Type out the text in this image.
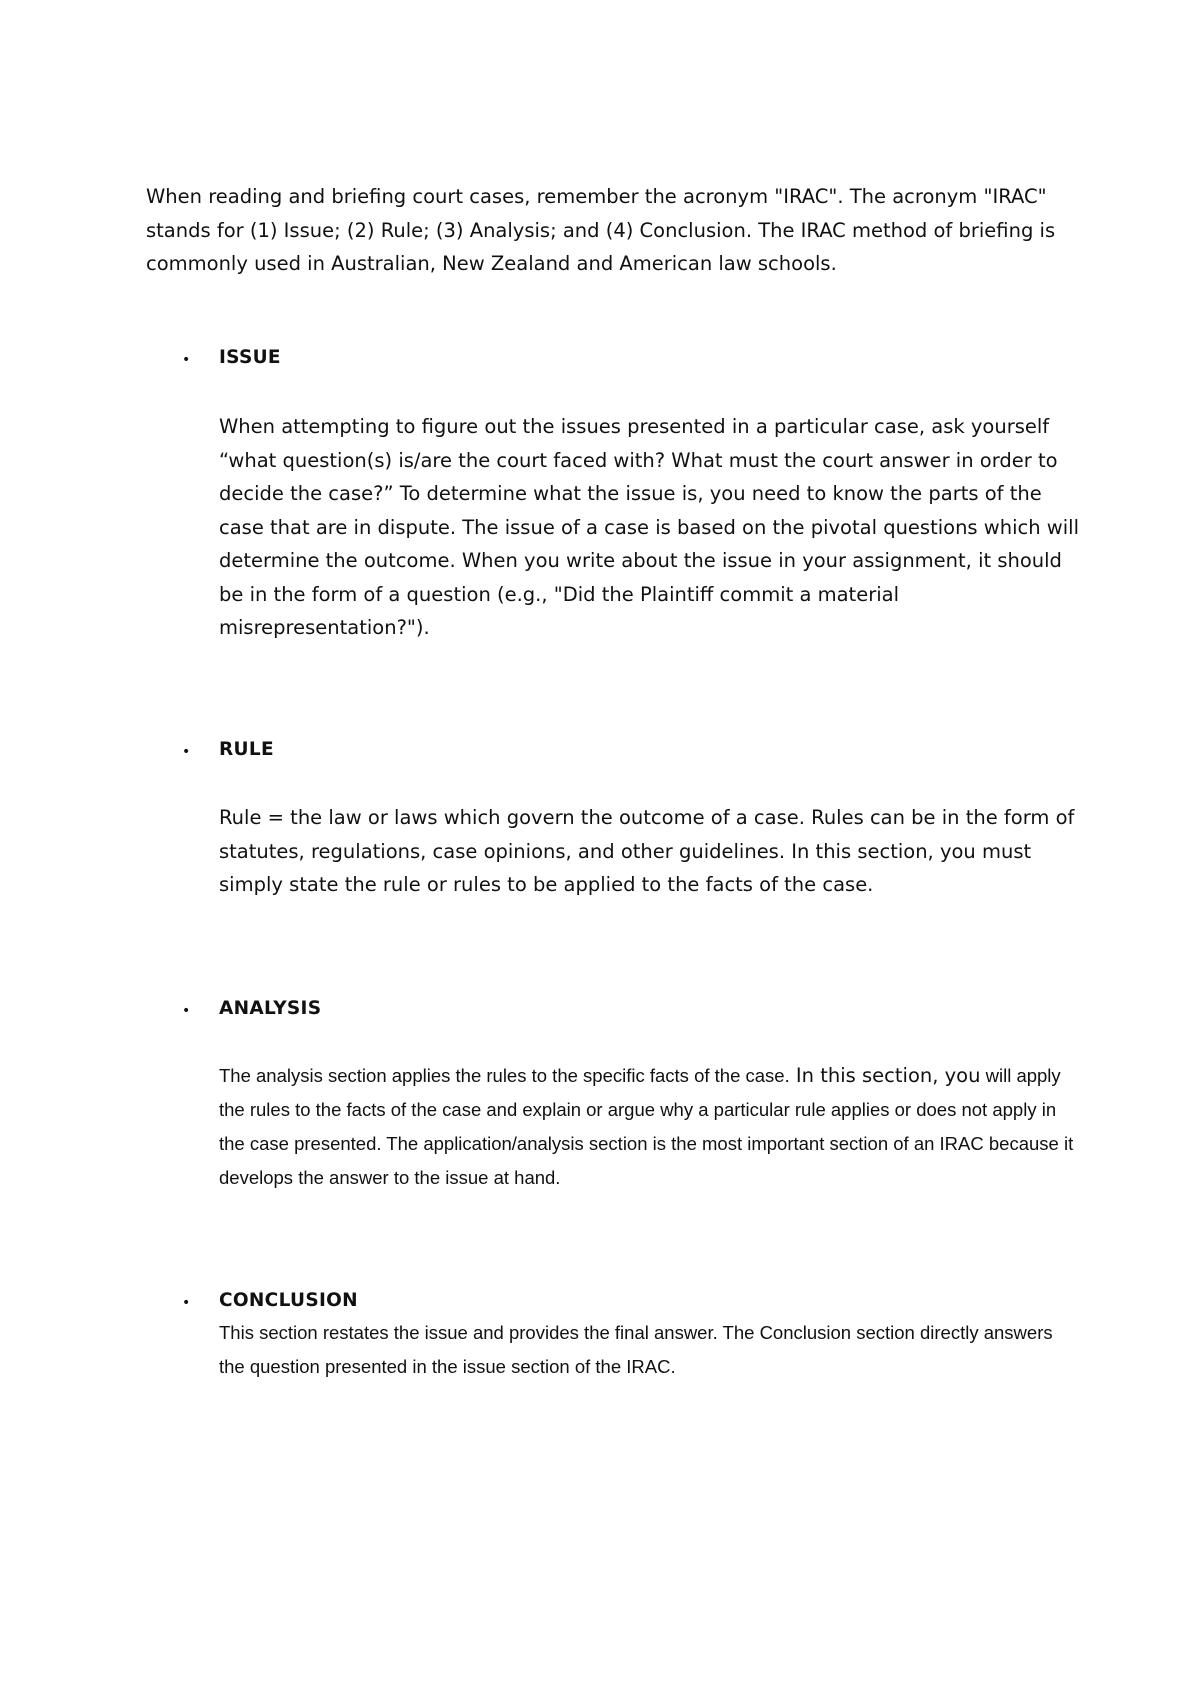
When reading and briefing court cases, remember the acronym "IRAC". The acronym "IRAC" stands for (1) Issue; (2) Rule; (3) Analysis; and (4) Conclusion. The IRAC method of briefing is commonly used in Australian, New Zealand and American law schools.

• ISSUE

When attempting to figure out the issues presented in a particular case, ask yourself “what question(s) is/are the court faced with? What must the court answer in order to decide the case?” To determine what the issue is, you need to know the parts of the case that are in dispute. The issue of a case is based on the pivotal questions which will determine the outcome. When you write about the issue in your assignment, it should be in the form of a question (e.g., "Did the Plaintiff commit a material misrepresentation?").

• RULE

Rule = the law or laws which govern the outcome of a case. Rules can be in the form of statutes, regulations, case opinions, and other guidelines. In this section, you must simply state the rule or rules to be applied to the facts of the case.

• ANALYSIS

The analysis section applies the rules to the specific facts of the case. In this section, you will apply the rules to the facts of the case and explain or argue why a particular rule applies or does not apply in the case presented. The application/analysis section is the most important section of an IRAC because it develops the answer to the issue at hand.

• CONCLUSION

This section restates the issue and provides the final answer. The Conclusion section directly answers the question presented in the issue section of the IRAC.
